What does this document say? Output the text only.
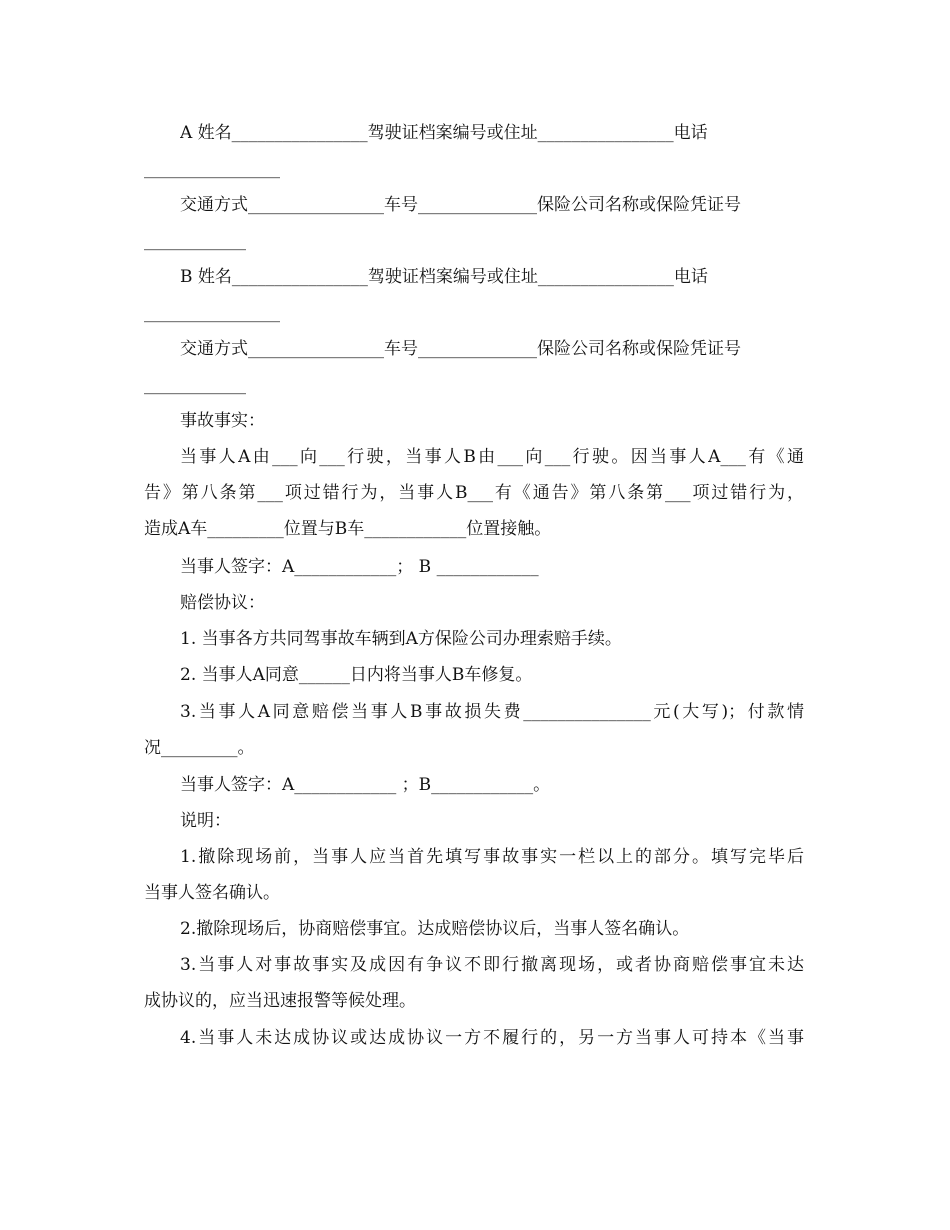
A 姓名________________驾驶证档案编号或住址________________电话
________________
交通方式________________车号______________保险公司名称或保险凭证号
____________
B 姓名________________驾驶证档案编号或住址________________电话
________________
交通方式________________车号______________保险公司名称或保险凭证号
____________
事故事实：
当事人A由___向___行驶，当事人B由___向___行驶。因当事人A___有《通
告》第八条第___项过错行为，当事人B___有《通告》第八条第___项过错行为，
造成A车_________位置与B车____________位置接触。
当事人签字：A____________； B ____________
赔偿协议：
1. 当事各方共同驾事故车辆到A方保险公司办理索赔手续。
2. 当事人A同意______日内将当事人B车修复。
3.当事人A同意赔偿当事人B事故损失费_______________元(大写)；付款情
况_________。
当事人签字：A____________ ；B____________。
说明：
1.撤除现场前，当事人应当首先填写事故事实一栏以上的部分。填写完毕后
当事人签名确认。
2.撤除现场后，协商赔偿事宜。达成赔偿协议后，当事人签名确认。
3.当事人对事故事实及成因有争议不即行撤离现场，或者协商赔偿事宜未达
成协议的，应当迅速报警等候处理。
4.当事人未达成协议或达成协议一方不履行的，另一方当事人可持本《当事
